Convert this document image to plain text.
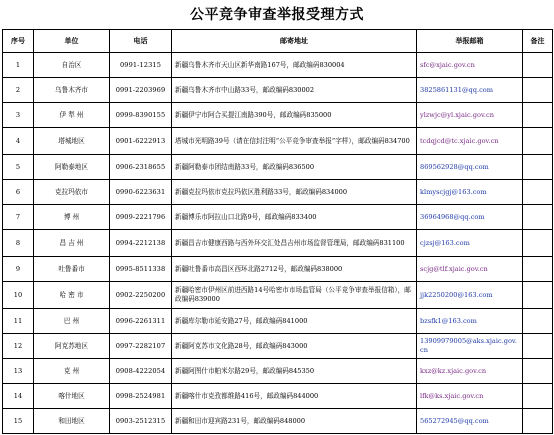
公平竞争审查举报受理方式
序号	单位	电话	邮寄地址	举报邮箱	备注
1	自治区	0991-12315	新疆乌鲁木齐市天山区新华南路167号，邮政编码830004	sfc@xjaic.gov.cn	
2	乌鲁木齐市	0991-2203969	新疆乌鲁木齐市中山路33号，邮政编码830002	3825861131@qq.com	
3	伊 犁 州	0999-8390155	新疆伊宁市阿合买提江南路390号，邮政编码835000	ylzwjc@yl.xjaic.gov.cn	
4	塔城地区	0901-6222913	塔城市光明路39号（请在信封注明“公平竞争审查举报”字样），邮政编码834700	tcdqjcd@tc.xjaic.gov.cn	
5	阿勒泰地区	0906-2318655	新疆阿勒泰市团结南路33号，邮政编码836500	869562928@qq.com	
6	克拉玛依市	0990-6223631	新疆克拉玛依市克拉玛依区胜利路33号，邮政编码834000	klmyscjgj@163.com	
7	博 州	0909-2221796	新疆博乐市阿拉山口北路9号，邮政编码833400	36964968@qq.com	
8	昌 吉 州	0994-2212138	新疆昌吉市健康西路与西外环交汇处昌吉州市场监督管理局，邮政编码831100	cjzsj@163.com	
9	吐鲁番市	0995-8511338	新疆吐鲁番市高昌区西环北路2712号，邮政编码838000	scjg@tlf.xjaic.gov.cn	
10	哈 密 市	0902-2250200	新疆哈密市伊州区前进西路14号哈密市市场监管局（公平竞争审查举报信箱），邮政编码839000	jjk2250200@163.com	
11	巴 州	0996-2261311	新疆库尔勒市延安路27号，邮政编码841000	bzsfk1@163.com	
12	阿克苏地区	0997-2282107	新疆阿克苏市文化路28号，邮政编码843000	13909979005@aks.xjaic.gov.cn	
13	克 州	0908-4222054	新疆阿图什市帕米尔路29号，邮政编码845350	kxz@kz.xjaic.gov.cn	
14	喀什地区	0998-2524981	新疆喀什市克孜都维路416号，邮政编码844000	lfk@ks.xjaic.gov.cn	
15	和田地区	0903-2512315	新疆和田市迎宾路231号，邮政编码848000	565272945@qq.com	
